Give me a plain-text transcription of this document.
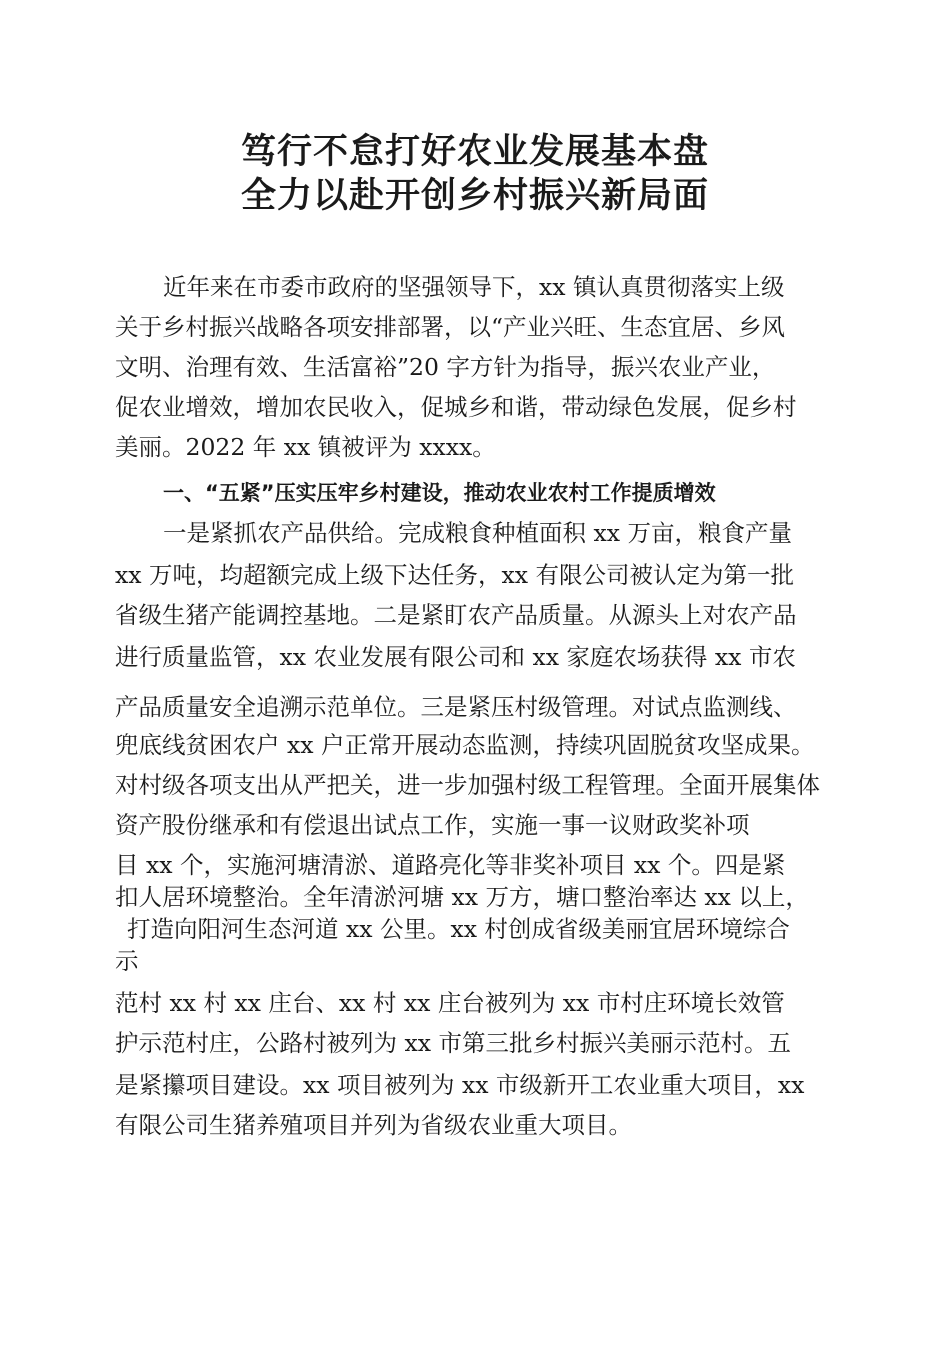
笃行不怠打好农业发展基本盘
全力以赴开创乡村振兴新局面
近年来在市委市政府的坚强领导下，xx 镇认真贯彻落实上级
关于乡村振兴战略各项安排部署，以“产业兴旺、生态宜居、乡风
文明、治理有效、生活富裕”20 字方针为指导，振兴农业产业，
促农业增效，增加农民收入，促城乡和谐，带动绿色发展，促乡村
美丽。2022 年 xx 镇被评为 xxxx。
一、“五紧”压实压牢乡村建设，推动农业农村工作提质增效
一是紧抓农产品供给。完成粮食种植面积 xx 万亩，粮食产量
xx 万吨，均超额完成上级下达任务，xx 有限公司被认定为第一批
省级生猪产能调控基地。二是紧盯农产品质量。从源头上对农产品
进行质量监管，xx 农业发展有限公司和 xx 家庭农场获得 xx 市农
产品质量安全追溯示范单位。三是紧压村级管理。对试点监测线、
兜底线贫困农户 xx 户正常开展动态监测，持续巩固脱贫攻坚成果。
对村级各项支出从严把关，进一步加强村级工程管理。全面开展集体
资产股份继承和有偿退出试点工作，实施一事一议财政奖补项
目 xx 个，实施河塘清淤、道路亮化等非奖补项目 xx 个。四是紧
扣人居环境整治。全年清淤河塘 xx 万方，塘口整治率达 xx 以上，
打造向阳河生态河道 xx 公里。xx 村创成省级美丽宜居环境综合
示
范村 xx 村 xx 庄台、xx 村 xx 庄台被列为 xx 市村庄环境长效管
护示范村庄，公路村被列为 xx 市第三批乡村振兴美丽示范村。五
是紧攥项目建设。xx 项目被列为 xx 市级新开工农业重大项目，xx
有限公司生猪养殖项目并列为省级农业重大项目。
